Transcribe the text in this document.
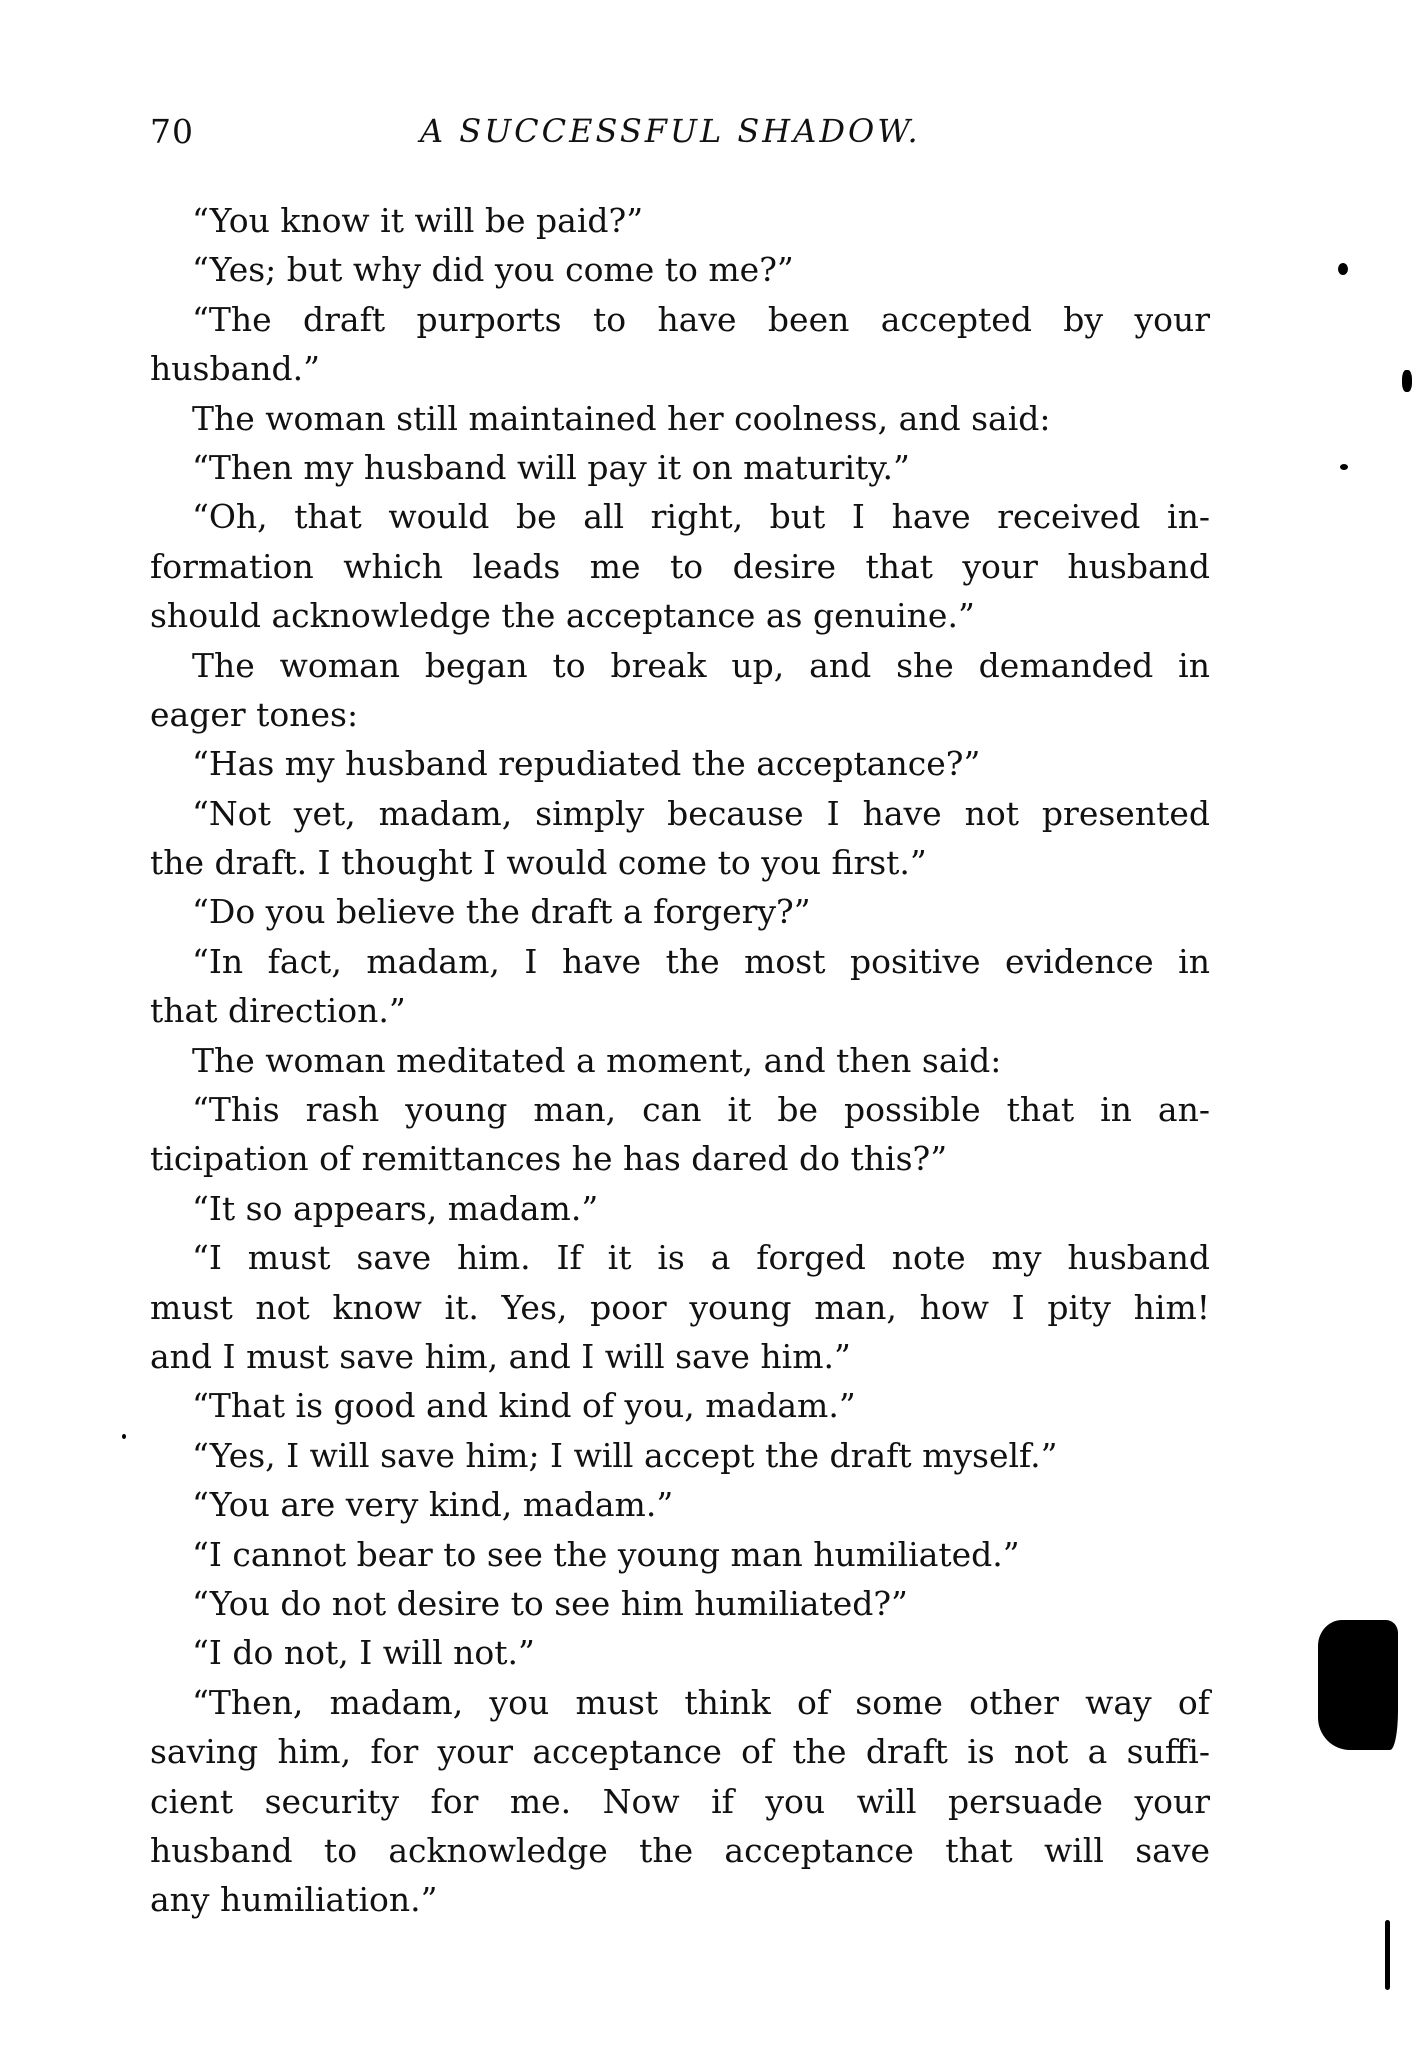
70	A SUCCESSFUL SHADOW.
“You know it will be paid?”
“Yes; but why did you come to me?”
“The draft purports to have been accepted by your
husband.”
The woman still maintained her coolness, and said:
“Then my husband will pay it on maturity.”
“Oh, that would be all right, but I have received in-
formation which leads me to desire that your husband
should acknowledge the acceptance as genuine.”
The woman began to break up, and she demanded in
eager tones:
“Has my husband repudiated the acceptance?”
“Not yet, madam, simply because I have not presented
the draft. I thought I would come to you first.”
“Do you believe the draft a forgery?”
“In fact, madam, I have the most positive evidence in
that direction.”
The woman meditated a moment, and then said:
“This rash young man, can it be possible that in an-
ticipation of remittances he has dared do this?”
“It so appears, madam.”
“I must save him. If it is a forged note my husband
must not know it. Yes, poor young man, how I pity him!
and I must save him, and I will save him.”
“That is good and kind of you, madam.”
“Yes, I will save him; I will accept the draft myself.”
“You are very kind, madam.”
“I cannot bear to see the young man humiliated.”
“You do not desire to see him humiliated?”
“I do not, I will not.”
“Then, madam, you must think of some other way of
saving him, for your acceptance of the draft is not a suffi-
cient security for me. Now if you will persuade your
husband to acknowledge the acceptance that will save
any humiliation.”
